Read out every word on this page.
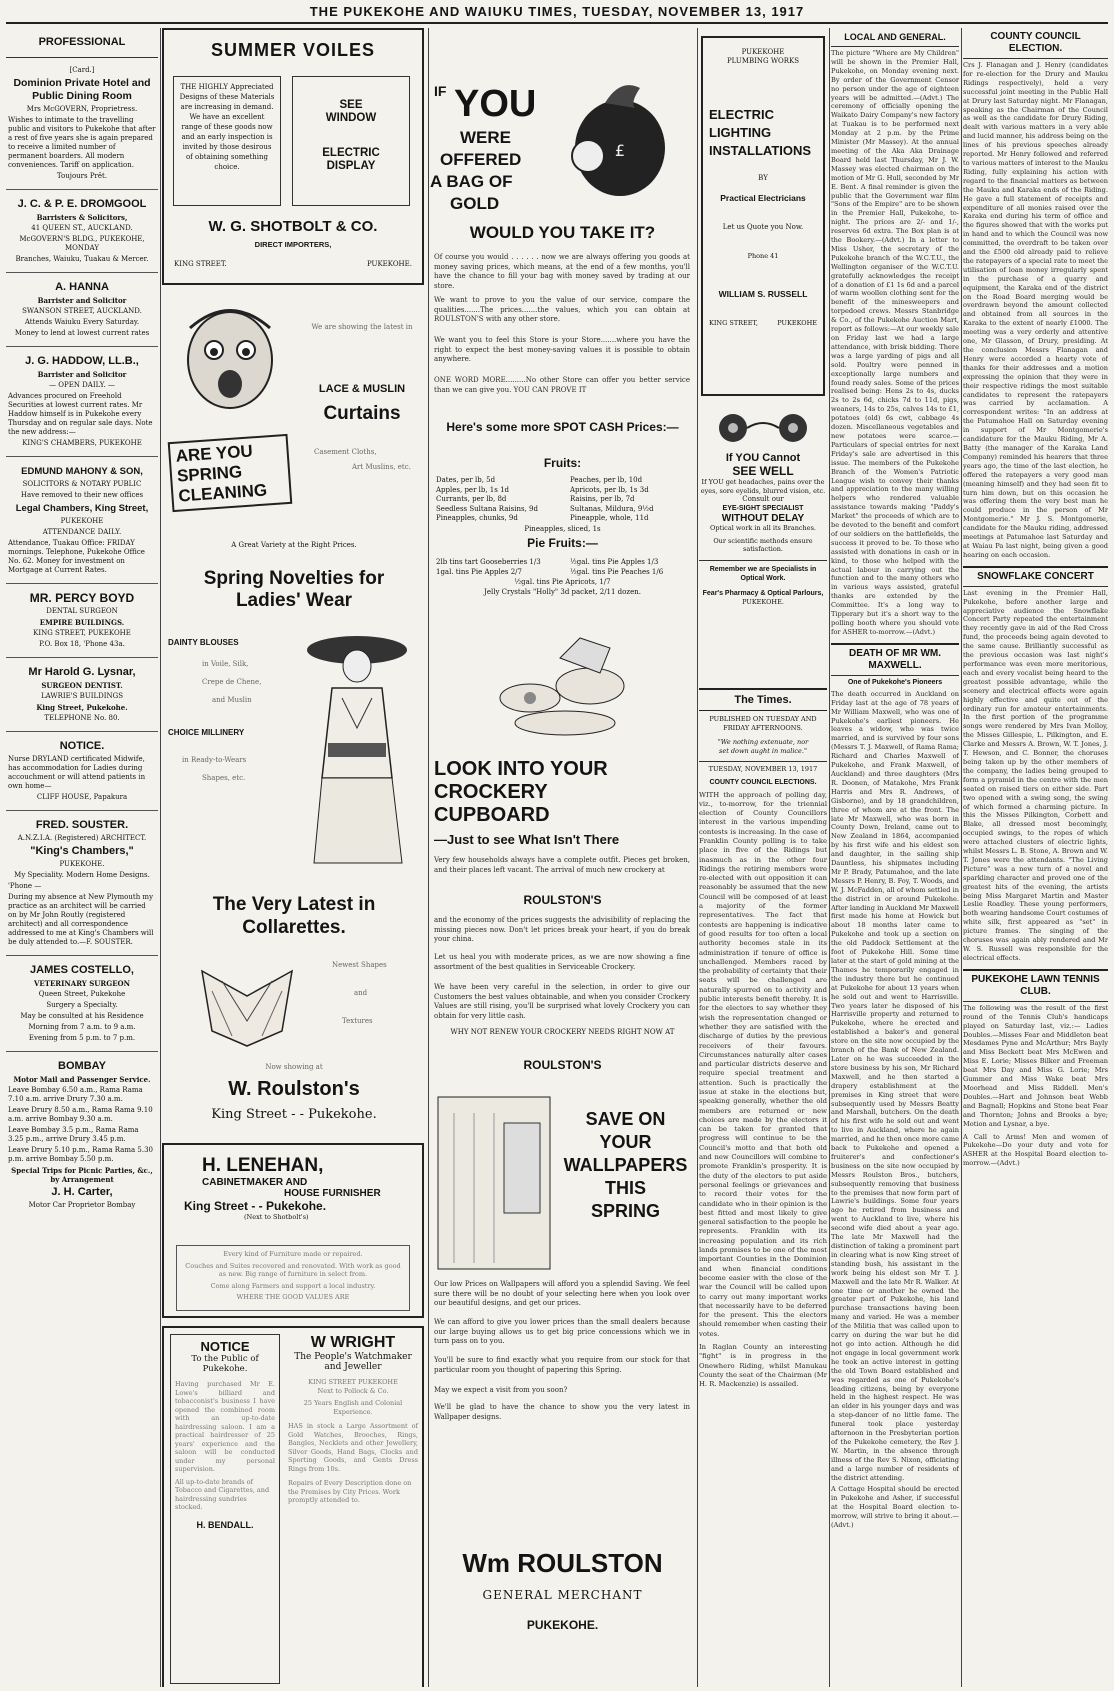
THE PUKEKOHE AND WAIUKU TIMES, TUESDAY, NOVEMBER 13, 1917
PROFESSIONAL

[Card.]

Dominion Private Hotel and Public Dining Room

Mrs McGOVERN, Proprietress.

Wishes to intimate to the travelling public and visitors to Pukekohe that after a rest of five years she is again prepared to receive a limited number of permanent boarders. All modern conveniences. Tariff on application.

Toujours Prêt.

J. C. & P. E. DROMGOOL

Barristers & Solicitors,

41 QUEEN ST., AUCKLAND.

McGOVERN'S BLDG., PUKEKOHE, MONDAY

Branches, Waiuku, Tuakau & Mercer.

A. HANNA

Barrister and Solicitor

SWANSON STREET, AUCKLAND.

Attends Waiuku Every Saturday.

Money to lend at lowest current rates

J. G. HADDOW, LL.B.,

Barrister and Solicitor

— OPEN DAILY. —

Advances procured on Freehold Securities at lowest current rates. Mr Haddow himself is in Pukekohe every Thursday and on regular sale days. Note the new address:—

KING'S CHAMBERS, PUKEKOHE

EDMUND MAHONY & SON,

SOLICITORS & NOTARY PUBLIC

Have removed to their new offices

Legal Chambers, King Street,

PUKEKOHE

ATTENDANCE DAILY.

Attendance, Tuakau Office: FRIDAY mornings. Telephone, Pukekohe Office No. 62. Money for investment on Mortgage at Current Rates.

MR. PERCY BOYD

DENTAL SURGEON

EMPIRE BUILDINGS.

KING STREET, PUKEKOHE

P.O. Box 18, 'Phone 43a.

Mr Harold G. Lysnar,

SURGEON DENTIST.

LAWRIE'S BUILDINGS

King Street, Pukekohe.

TELEPHONE No. 80.

NOTICE.

Nurse DRYLAND certificated Midwife, has accommodation for Ladies during accouchment or will attend patients in own home—

CLIFF HOUSE, Papakura

FRED. SOUSTER.

A.N.Z.I.A. (Registered) ARCHITECT.

"King's Chambers,"

PUKEKOHE.

My Speciality. Modern Home Designs.

'Phone —

During my absence at New Plymouth my practice as an architect will be carried on by Mr John Routly (registered architect) and all correspondence addressed to me at King's Chambers will be duly attended to.—F. SOUSTER.

JAMES COSTELLO,

VETERINARY SURGEON

Queen Street, Pukekohe

Surgery a Specialty.

May be consulted at his Residence

Morning from 7 a.m. to 9 a.m.

Evening from 5 p.m. to 7 p.m.

BOMBAY

Motor Mail and Passenger Service.

Leave Bombay 6.50 a.m., Rama Rama 7.10 a.m. arrive Drury 7.30 a.m.

Leave Drury 8.50 a.m., Rama Rama 9.10 a.m. arrive Bombay 9.30 a.m.

Leave Bombay 3.5 p.m., Rama Rama 3.25 p.m., arrive Drury 3.45 p.m.

Leave Drury 5.10 p.m., Rama Rama 5.30 p.m. arrive Bombay 5.50 p.m.

Special Trips for Picnic Parties, &c., by Arrangement

J. H. Carter,

Motor Car Proprietor Bombay

SUMMER VOILES
THE HIGHLY Appreciated Designs of these Materials are increasing in demand. We have an excellent range of these goods now and an early inspection is invited by those desirous of obtaining something choice.
SEE
WINDOW
ELECTRIC
DISPLAY
W. G. SHOTBOLT & CO.
DIRECT IMPORTERS,
KING STREET.	PUKEKOHE.
ARE YOU
SPRING
CLEANING
We are showing the latest in
LACE & MUSLIN
Curtains
Casement Cloths,
Art Muslins, etc.
A Great Variety at the Right Prices.
Spring Novelties for
Ladies' Wear
DAINTY BLOUSES
in Voile, Silk,
Crepe de Chene,
and Muslin
CHOICE MILLINERY
in Ready-to-Wears
Shapes, etc.
The Very Latest in
Collarettes.
Newest Shapes
and
Textures
Now showing at
W. Roulston's
King Street - - Pukekohe.
H. LENEHAN,
CABINETMAKER AND
HOUSE FURNISHER
King Street - - Pukekohe.
(Next to Shotbolt's)
Every kind of Furniture made or repaired.
Couches and Suites recovered and renovated. With work as good as new. Big range of furniture in select from.
Come along Farmers and support a local industry.
WHERE THE GOOD VALUES ARE
NOTICE
To the Public of Pukekohe.
Having purchased Mr E. Lowe's billiard and tobacconist's business I have opened the combined room with an up-to-date hairdressing saloon. I am a practical hairdresser of 25 years' experience and the saloon will be conducted under my personal supervision.
All up-to-date brands of Tobacco and Cigarettes, and hairdressing sundries stocked.
H. BENDALL.
W WRIGHT
The People's Watchmaker
and Jeweller
KING STREET PUKEKOHE
Next to Pollock & Co.
25 Years English and Colonial Experience.
HAS in stock a Large Assortment of Gold Watches, Brooches, Rings, Bangles, Necklets and other Jewellery, Silver Goods, Hand Bags, Clocks and Sporting Goods, and Gents Dress Rings from 10s.
Repairs of Every Description done on the Premises by City Prices. Work promptly attended to.
IF YOU
WERE
OFFERED
A BAG OF
GOLD
£
WOULD YOU TAKE IT?
Of course you would . . . . . . now we are always offering you goods at money saving prices, which means, at the end of a few months, you'll have the chance to fill your bag with money saved by trading at our store.
We want to prove to you the value of our service, compare the qualities.......The prices.......the values, which you can obtain at ROULSTON'S with any other store.
We want you to feel this Store is your Store.......where you have the right to expect the best money-saving values it is possible to obtain anywhere.
ONE WORD MORE.........No other Store can offer you better service than we can give you. YOU CAN PROVE IT
Here's some more SPOT CASH Prices:—
Fruits:
Dates, per lb, 5d
Apples, per lb, 1s 1d
Currants, per lb, 8d
Seedless Sultana Raisins, 9d
Pineapples, chunks, 9d
Peaches, per lb, 10d
Apricots, per lb, 1s 3d
Raisins, per lb, 7d
Sultanas, Mildura, 9½d
Pineapple, whole, 11d
Pineapples, sliced, 1s
Pie Fruits:—
2lb tins tart Gooseberries 1/3
1gal. tins Pie Apples 2/7
½gal. tins Pie Apples 1/3
½gal. tins Pie Peaches 1/6
½gal. tins Pie Apricots, 1/7
Jelly Crystals "Holly" 3d packet, 2/11 dozen.
LOOK INTO YOUR
CROCKERY
CUPBOARD
—Just to see What Isn't There
Very few households always have a complete outfit. Pieces get broken, and their places left vacant. The arrival of much new crockery at
ROULSTON'S
and the economy of the prices suggests the advisibility of replacing the missing pieces now. Don't let prices break your heart, if you do break your china.
Let us heal you with moderate prices, as we are now showing a fine assortment of the best qualities in Serviceable Crockery.
We have been very careful in the selection, in order to give our Customers the best values obtainable, and when you consider Crockery Values are still rising, you'll be surprised what lovely Crockery you can obtain for very little cash.
WHY NOT RENEW YOUR CROCKERY NEEDS RIGHT NOW AT
ROULSTON'S
SAVE ON
YOUR
WALLPAPERS
THIS
SPRING
Our low Prices on Wallpapers will afford you a splendid Saving. We feel sure there will be no doubt of your selecting here when you look over our beautiful designs, and get our prices.
We can afford to give you lower prices than the small dealers because our large buying allows us to get big price concessions which we in turn pass on to you.
You'll be sure to find exactly what you require from our stock for that particular room you thought of papering this Spring.
May we expect a visit from you soon?
We'll be glad to have the chance to show you the very latest in Wallpaper designs.
Wm ROULSTON
GENERAL MERCHANT
PUKEKOHE.
PUKEKOHE
PLUMBING WORKS
ELECTRIC
LIGHTING
INSTALLATIONS
BY
Practical Electricians
Let us Quote you Now.
Phone 41
WILLIAM S. RUSSELL
KING STREET,	PUKEKOHE
If YOU Cannot
SEE WELL
If YOU get headaches, pains over the eyes, sore eyelids, blurred vision, etc.
Consult our
EYE-SIGHT SPECIALIST
WITHOUT DELAY
Optical work in all its Branches.
Our scientific methods ensure satisfaction.
Remember we are Specialists in Optical Work.
Fear's Pharmacy & Optical Parlours,
PUKEKOHE.
The Times.
PUBLISHED ON TUESDAY AND FRIDAY AFTERNOONS.
"We nothing extenuate, nor
set down aught in malice."
TUESDAY, NOVEMBER 13, 1917
COUNTY COUNCIL ELECTIONS.
WITH the approach of polling day, viz., to-morrow, for the triennial election of County Councillors interest in the various impending contests is increasing. In the case of Franklin County polling is to take place in five of the Ridings but inasmuch as in the other four Ridings the retiring members were re-elected with out opposition it can reasonably be assumed that the new Council will be composed of at least a majority of the former representatives. The fact that contests are happening is indicative of good results for too often a local authority becomes stale in its administration if tenure of office is unchallenged. Members raced by the probability of certainty that their seats will be challenged are naturally spurred on to activity and public interests benefit thereby. It is for the electors to say whether they wish the representation changed or whether they are satisfied with the discharge of duties by the previous receivers of their favours. Circumstances naturally alter cases and particular districts deserve and require special treatment and attention. Such is practically the issue at stake in the elections but, speaking generally, whether the old members are returned or new choices are made by the electors it can be taken for granted that progress will continue to be the Council's motto and that both old and new Councillors will combine to promote Franklin's prosperity. It is the duty of the electors to put aside personal feelings or grievances and to record their votes for the candidate who in their opinion is the best fitted and most likely to give general satisfaction to the people he represents. Franklin with its increasing population and its rich lands promises to be one of the most important Counties in the Dominion and when financial conditions become easier with the close of the war the Council will be called upon to carry out many important works that necessarily have to be deferred for the present. This the electors should remember when casting their votes.
In Raglan County an interesting "fight" is in progress in the Onewhero Riding, whilst Manukau County the seat of the Chairman (Mr H. R. Mackenzie) is assailed.
LOCAL AND GENERAL.
The picture "Where are My Children" will be shown in the Premier Hall, Pukekohe, on Monday evening next. By order of the Government Censor no person under the age of eighteen years will be admitted.—(Advt.) The ceremony of officially opening the Waikato Dairy Company's new factory at Tuakau is to be performed next Monday at 2 p.m. by the Prime Minister (Mr Massey). At the annual meeting of the Aka Aka Drainage Board held last Thursday, Mr J. W. Massey was elected chairman on the motion of Mr G. Hull, seconded by Mr E. Bent. A final reminder is given the public that the Government war film "Sons of the Empire" are to be shown in the Premier Hall, Pukekohe, to-night. The prices are 2/- and 1/-, reserves 6d extra. The Box plan is at the Bookery.—(Advt.) In a letter to Miss Usher, the secretary of the Pukekohe branch of the W.C.T.U., the Wellington organiser of the W.C.T.U. gratefully acknowledges the receipt of a donation of £1 1s 6d and a parcel of warm woollen clothing sent for the benefit of the minesweepers and torpedoed crews. Messrs Stanbridge & Co., of the Pukekohe Auction Mart, report as follows:—At our weekly sale on Friday last we had a large attendance, with brisk bidding. There was a large yarding of pigs and all sold. Poultry were penned in exceptionally large numbers and found ready sales. Some of the prices realised being: Hens 2s to 4s, ducks 2s to 2s 6d, chicks 7d to 11d, pigs, weaners, 14s to 25s, calves 14s to £1, potatoes (old) 6s cwt, cabbage 4s dozen. Miscellaneous vegetables and new potatoes were scarce.—Particulars of special entries for next Friday's sale are advertised in this issue. The members of the Pukekohe Branch of the Women's Patriotic League wish to convey their thanks and appreciation to the many willing helpers who rendered valuable assistance towards making "Paddy's Market" the proceeds of which are to be devoted to the benefit and comfort of our soldiers on the battlefields, the success it proved to be. To those who assisted with donations in cash or in kind, to those who helped with the actual labour in carrying out the function and to the many others who in various ways assisted, grateful thanks are extended by the Committee. It's a long way to Tipperary but it's a short way to the polling booth where you should vote for ASHER to-morrow.—(Advt.)
DEATH OF MR WM. MAXWELL.
One of Pukekohe's Pioneers
The death occurred in Auckland on Friday last at the age of 78 years of Mr William Maxwell, who was one of Pukekohe's earliest pioneers. He leaves a widow, who was twice married, and is survived by four sons (Messrs T. J. Maxwell, of Rama Rama; Richard and Charles Maxwell of Pukekohe, and Frank Maxwell, of Auckland) and three daughters (Mrs R. Doonen, of Matakohe, Mrs Frank Harris and Mrs R. Andrews, of Gisborne), and by 18 grandchildren, three of whom are at the front. The late Mr Maxwell, who was born in County Down, Ireland, came out to New Zealand in 1864, accompanied by his first wife and his eldest son and daughter, in the sailing ship Dauntless, his shipmates including Mr P. Brady, Patumahoe, and the late Messrs P. Henry, B. Foy, T. Woods, and W. J. McFadden, all of whom settled in the district in or around Pukekohe. After landing in Auckland Mr Maxwell first made his home at Howick but about 18 months later came to Pukekohe and took up a section on the old Paddock Settlement at the foot of Pukekohe Hill. Some time later at the start of gold mining at the Thames he temporarily engaged in the industry there but he continued at Pukekohe for about 13 years when he sold out and went to Harrisville. Two years later he disposed of his Harrisville property and returned to Pukekohe, where he erected and established a baker's and general store on the site now occupied by the branch of the Bank of New Zealand. Later on he was succeeded in the store business by his son, Mr Richard Maxwell, and he then started a drapery establishment at the premises in King street that were subsequently used by Messrs Beatty and Marshall, butchers. On the death of his first wife he sold out and went to live in Auckland, where he again married, and he then once more came back to Pukekohe and opened a fruiterer's and confectioner's business on the site now occupied by Messrs Roulston Bros., butchers, subsequently removing that business to the premises that now form part of Lawrie's buildings. Some four years ago he retired from business and went to Auckland to live, where his second wife died about a year ago. The late Mr Maxwell had the distinction of taking a prominent part in clearing what is now King street of standing bush, his assistant in the work being his eldest son Mr T. J. Maxwell and the late Mr R. Walker. At one time or another he owned the greater part of Pukekohe, his land purchase transactions having been many and varied. He was a member of the Militia that was called upon to carry on during the war but he did not go into action. Although he did not engage in local government work he took an active interest in getting the old Town Board established and was regarded as one of Pukekohe's leading citizens, being by everyone held in the highest respect. He was an elder in his younger days and was a step-dancer of no little fame. The funeral took place yesterday afternoon in the Presbyterian portion of the Pukekohe cemetery, the Rev J. W. Martin, in the absence through illness of the Rev S. Nixon, officiating and a large number of residents of the district attending.
A Cottage Hospital should be erected in Pukekohe and Asher, if successful at the Hospital Board election to-morrow, will strive to bring it about.—(Advt.)
COUNTY COUNCIL ELECTION.
Crs J. Flanagan and J. Henry (candidates for re-election for the Drury and Mauku Ridings respectively), held a very successful joint meeting in the Public Hall at Drury last Saturday night. Mr Flanagan, speaking as the Chairman of the Council as well as the candidate for Drury Riding, dealt with various matters in a very able and lucid manner, his address being on the lines of his previous speeches already reported. Mr Henry followed and referred to various matters of interest to the Mauku Riding, fully explaining his action with regard to the financial matters as between the Mauku and Karaka ends of the Riding. He gave a full statement of receipts and expenditure of all monies raised over the Karaka end during his term of office and the figures showed that with the works put in hand and to which the Council was now committed, the overdraft to be taken over and the £500 old already paid to relieve the ratepayers of a special rate to meet the utilisation of loan money irregularly spent in the purchase of a quarry and equipment, the Karaka end of the district on the Road Board merging would be overdrawn beyond the amount collected and obtained from all sources in the Karaka to the extent of nearly £1000. The meeting was a very orderly and attentive one, Mr Glasson, of Drury, presiding. At the conclusion Messrs Flanagan and Henry were accorded a hearty vote of thanks for their addresses and a motion expressing the opinion that they were in their respective ridings the most suitable candidates to represent the ratepayers was carried by acclamation. A correspondent writes: "In an address at the Patumahoe Hall on Saturday evening in support of Mr Montgomerie's candidature for the Mauku Riding, Mr A. Batty (the manager of the Karaka Land Company) reminded his hearers that three years ago, the time of the last election, he offered the ratepayers a very good man (meaning himself) and they had seen fit to turn him down, but on this occasion he was offering them the very best man he could produce in the person of Mr Montgomerie." Mr J. S. Montgomerie, candidate for the Mauku riding, addressed meetings at Patumahoe last Saturday and at Waiau Pa last night, being given a good hearing on each occasion.
SNOWFLAKE CONCERT
Last evening in the Premier Hall, Pukekohe, before another large and appreciative audience the Snowflake Concert Party repeated the entertainment they recently gave in aid of the Red Cross fund, the proceeds being again devoted to the same cause. Brilliantly successful as the previous occasion was last night's performance was even more meritorious, each and every vocalist being heard to the greatest possible advantage, while the scenery and electrical effects were again highly effective and quite out of the ordinary run for amateur entertainments. In the first portion of the programme songs were rendered by Mrs Ivan Molloy, the Misses Gillespie, L. Pilkington, and E. Clarke and Messrs A. Brown, W. T. Jones, J. T. Hewson, and C. Bonner, the choruses being taken up by the other members of the company, the ladies being grouped to form a pyramid in the centre with the men seated on raised tiers on either side. Part two opened with a swing song, the swing of which formed a charming picture. In this the Misses Pilkington, Corbett and Blake, all dressed most becomingly, occupied swings, to the ropes of which were attached clusters of electric lights, whilst Messrs L. B. Stone, A. Brown and W. T. Jones were the attendants. "The Living Picture" was a new turn of a novel and sparkling character and proved one of the greatest hits of the evening, the artists being Miss Margaret Martin and Master Leslie Roadley. These young performers, both wearing handsome Court costumes of white silk, first appeared as "set" in picture frames. The singing of the choruses was again ably rendered and Mr W. S. Russell was responsible for the electrical effects.
PUKEKOHE LAWN TENNIS CLUB.
The following was the result of the first round of the Tennis Club's handicaps played on Saturday last, viz.:— Ladies Doubles.—Misses Fear and Middleton beat Mesdames Pyne and McArthur; Mrs Bayly and Miss Beckett beat Mrs McEwen and Miss E. Lorie; Misses Bilker and Freeman beat Mrs Day and Miss G. Lorie; Mrs Gummer and Miss Wake beat Mrs Moorhead and Miss Riddell. Men's Doubles.—Hart and Johnson beat Webb and Bagnall; Hopkins and Stone beat Fear and Thornton; Johns and Brooks a bye; Motion and Lysnar, a bye.
A Call to Arms! Men and women of Pukekohe—Do your duty and vote for ASHER at the Hospital Board election to-morrow.—(Advt.)
